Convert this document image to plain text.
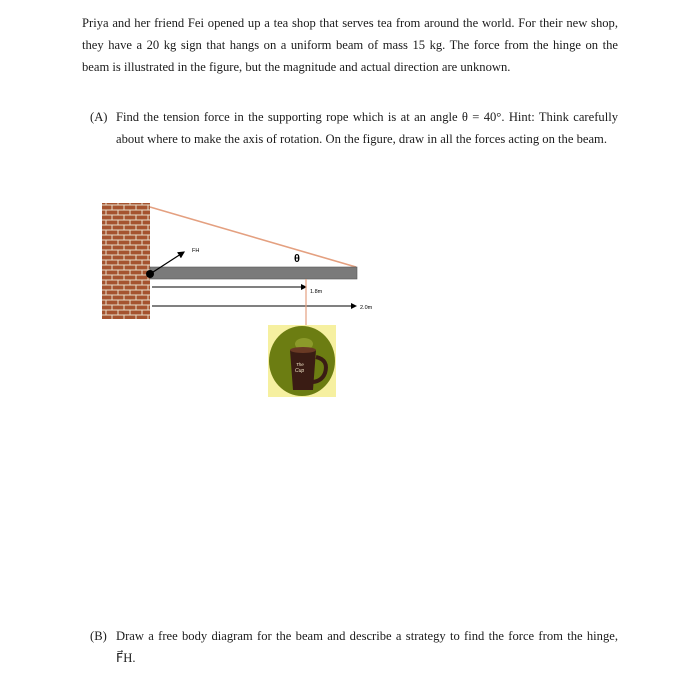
Priya and her friend Fei opened up a tea shop that serves tea from around the world. For their new shop, they have a 20 kg sign that hangs on a uniform beam of mass 15 kg. The force from the hinge on the beam is illustrated in the figure, but the magnitude and actual direction are unknown.

(A) Find the tension force in the supporting rope which is at an angle θ = 40°. Hint: Think carefully about where to make the axis of rotation. On the figure, draw in all the forces acting on the beam.
FH
θ
1.8m
2.0m
The
Cup
(B) Draw a free body diagram for the beam and describe a strategy to find the force from the hinge, F⃗H.
